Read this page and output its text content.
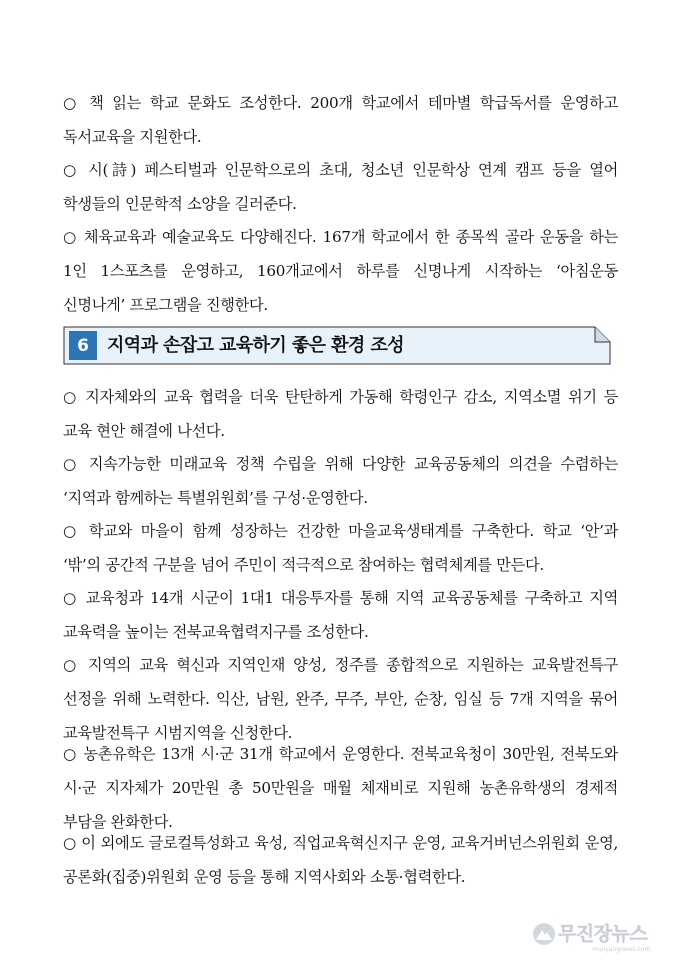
○ 책 읽는 학교 문화도 조성한다. 200개 학교에서 테마별 학급독서를 운영하고 독서교육을 지원한다.

○ 시(詩) 페스티벌과 인문학으로의 초대, 청소년 인문학상 연계 캠프 등을 열어 학생들의 인문학적 소양을 길러준다.

○ 체육교육과 예술교육도 다양해진다. 167개 학교에서 한 종목씩 골라 운동을 하는 1인 1스포츠를 운영하고, 160개교에서 하루를 신명나게 시작하는 ‘아침운동 신명나게’ 프로그램을 진행한다.

6	지역과 손잡고 교육하기 좋은 환경 조성

○ 지자체와의 교육 협력을 더욱 탄탄하게 가동해 학령인구 감소, 지역소멸 위기 등 교육 현안 해결에 나선다.

○ 지속가능한 미래교육 정책 수립을 위해 다양한 교육공동체의 의견을 수렴하는 ‘지역과 함께하는 특별위원회’를 구성·운영한다.

○ 학교와 마을이 함께 성장하는 건강한 마을교육생태계를 구축한다. 학교 ‘안’과 ‘밖’의 공간적 구분을 넘어 주민이 적극적으로 참여하는 협력체계를 만든다.

○ 교육청과 14개 시군이 1대1 대응투자를 통해 지역 교육공동체를 구축하고 지역 교육력을 높이는 전북교육협력지구를 조성한다.

○ 지역의 교육 혁신과 지역인재 양성, 정주를 종합적으로 지원하는 교육발전특구 선정을 위해 노력한다. 익산, 남원, 완주, 무주, 부안, 순창, 임실 등 7개 지역을 묶어 교육발전특구 시범지역을 신청한다.

○ 농촌유학은 13개 시·군 31개 학교에서 운영한다. 전북교육청이 30만원, 전북도와 시·군 지자체가 20만원 총 50만원을 매월 체재비로 지원해 농촌유학생의 경제적 부담을 완화한다.

○ 이 외에도 글로컬특성화고 육성, 직업교육혁신지구 운영, 교육거버넌스위원회 운영, 공론화(집중)위원회 운영 등을 통해 지역사회와 소통·협력한다.

무진장뉴스
muinjangnews.com
